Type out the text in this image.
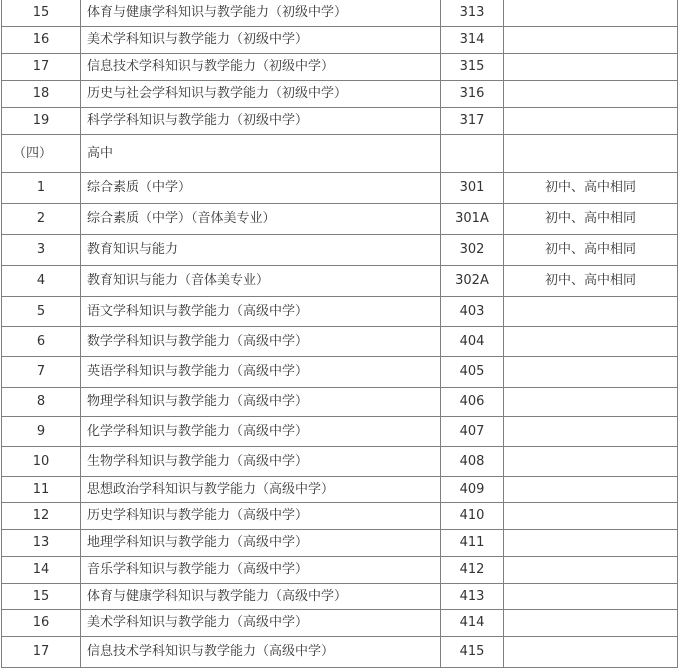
15	体育与健康学科知识与教学能力（初级中学）	313	
16	美术学科知识与教学能力（初级中学）	314	
17	信息技术学科知识与教学能力（初级中学）	315	
18	历史与社会学科知识与教学能力（初级中学）	316	
19	科学学科知识与教学能力（初级中学）	317	
（四）	高中		
1	综合素质（中学）	301	初中、高中相同
2	综合素质（中学）（音体美专业）	301A	初中、高中相同
3	教育知识与能力	302	初中、高中相同
4	教育知识与能力（音体美专业）	302A	初中、高中相同
5	语文学科知识与教学能力（高级中学）	403	
6	数学学科知识与教学能力（高级中学）	404	
7	英语学科知识与教学能力（高级中学）	405	
8	物理学科知识与教学能力（高级中学）	406	
9	化学学科知识与教学能力（高级中学）	407	
10	生物学科知识与教学能力（高级中学）	408	
11	思想政治学科知识与教学能力（高级中学）	409	
12	历史学科知识与教学能力（高级中学）	410	
13	地理学科知识与教学能力（高级中学）	411	
14	音乐学科知识与教学能力（高级中学）	412	
15	体育与健康学科知识与教学能力（高级中学）	413	
16	美术学科知识与教学能力（高级中学）	414	
17	信息技术学科知识与教学能力（高级中学）	415	
